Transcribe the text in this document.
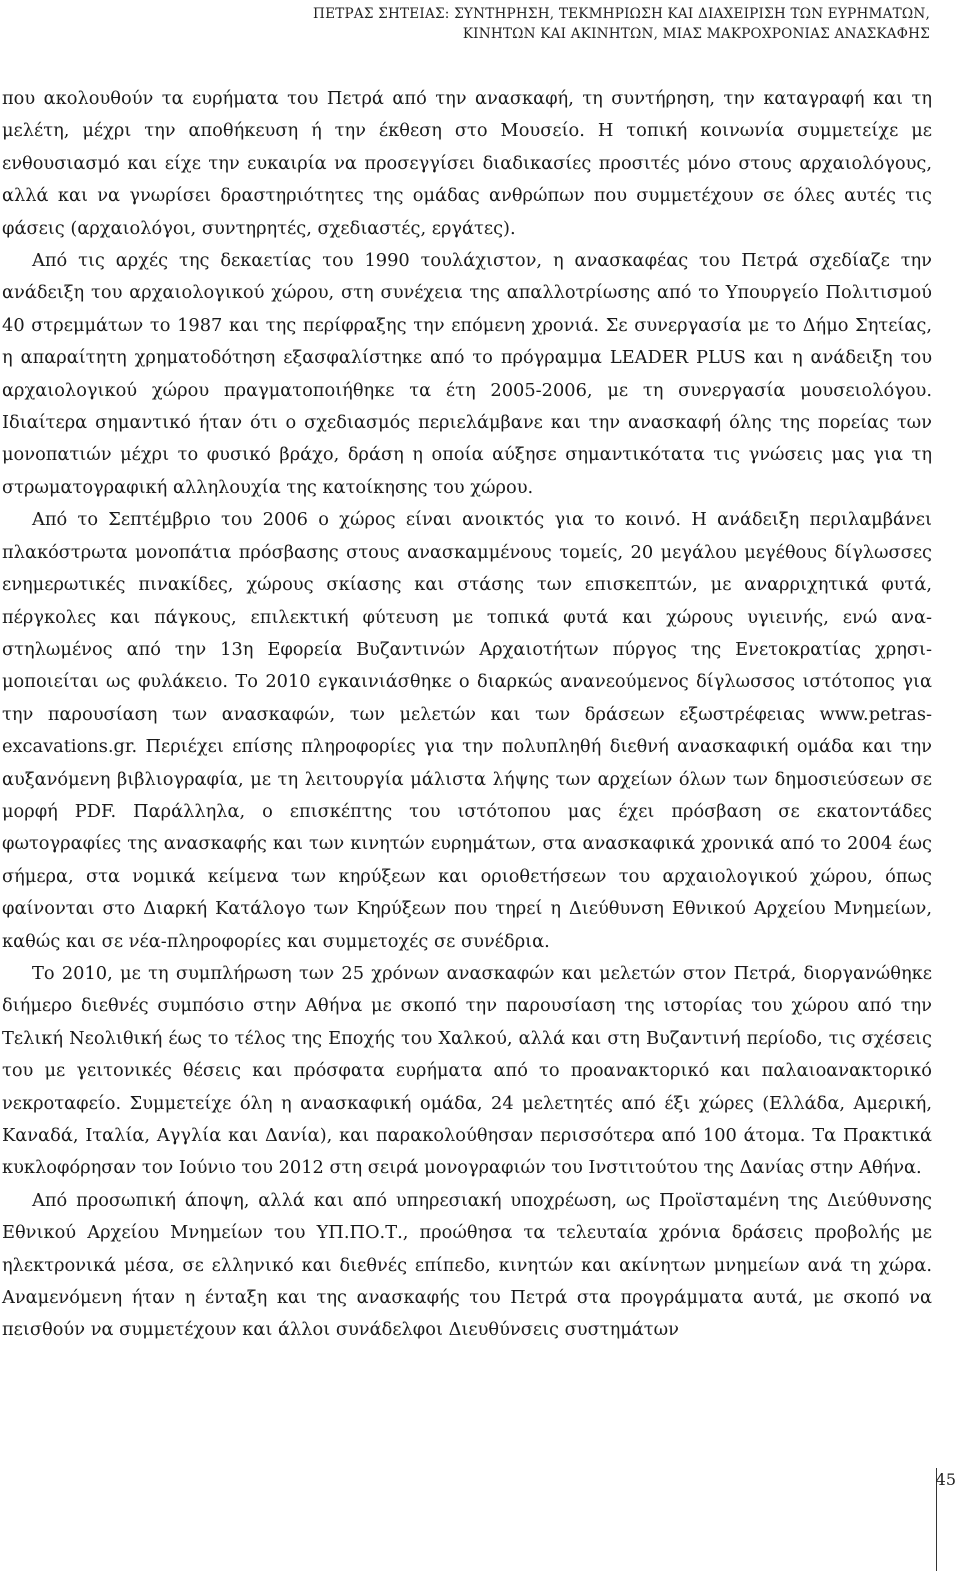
ΠΕΤΡΑΣ ΣΗΤΕΙΑΣ: ΣΥΝΤΗΡΗΣΗ, ΤΕΚΜΗΡΙΩΣΗ ΚΑΙ ΔΙΑΧΕΙΡΙΣΗ ΤΩΝ ΕΥΡΗΜΑΤΩΝ,
ΚΙΝΗΤΩΝ ΚΑΙ ΑΚΙΝΗΤΩΝ, ΜΙΑΣ ΜΑΚΡΟΧΡΟΝΙΑΣ ΑΝΑΣΚΑΦΗΣ

που ακολουθούν τα ευρήματα του Πετρά από την ανασκαφή, τη συντήρηση, την καταγραφή και τη μελέτη, μέχρι την αποθήκευση ή την έκθεση στο Μουσείο. Η τοπική κοινωνία συμμετείχε με ενθουσιασμό και είχε την ευκαιρία να προσεγγίσει διαδικασίες προσιτές μόνο στους αρχαιολόγους, αλλά και να γνωρίσει δραστηριότητες της ομάδας ανθρώπων που συμμετέχουν σε όλες αυτές τις φάσεις (αρχαιολόγοι, συντηρητές, σχεδιαστές, εργάτες).

Από τις αρχές της δεκαετίας του 1990 τουλάχιστον, η ανασκαφέας του Πετρά σχεδίαζε την ανάδειξη του αρχαιολογικού χώρου, στη συνέχεια της απαλλοτρίωσης από το Υπουργείο Πολιτισμού 40 στρεμμάτων το 1987 και της περίφραξης την επόμενη χρονιά. Σε συνεργασία με το Δήμο Σητείας, η απαραίτητη χρηματοδότηση εξασφαλίστηκε από το πρόγραμμα LEADER PLUS και η ανάδειξη του αρχαιολογικού χώρου πραγματοποιήθηκε τα έτη 2005-2006, με τη συνεργασία μουσειολόγου. Ιδιαίτερα σημαντικό ήταν ότι ο σχεδιασμός περιελάμβανε και την ανασκαφή όλης της πορείας των μονοπατιών μέχρι το φυσικό βράχο, δράση η οποία αύξησε σημαντικότατα τις γνώσεις μας για τη στρωματογραφική αλληλουχία της κατοίκησης του χώρου.

Από το Σεπτέμβριο του 2006 ο χώρος είναι ανοικτός για το κοινό. Η ανάδειξη περιλαμβάνει πλακόστρωτα μονοπάτια πρόσβασης στους ανασκαμμένους τομείς, 20 μεγάλου μεγέθους δίγλωσσες ενημερωτικές πινακίδες, χώρους σκίασης και στάσης των επισκεπτών, με αναρριχητικά φυτά, πέργκολες και πάγκους, επιλεκτική φύτευση με τοπικά φυτά και χώρους υγιεινής, ενώ αναστηλωμένος από την 13η Εφορεία Βυζαντινών Αρχαιοτήτων πύργος της Ενετοκρατίας χρησιμοποιείται ως φυλάκειο. Το 2010 εγκαινιάσθηκε ο διαρκώς ανανεούμενος δίγλωσσος ιστότοπος για την παρουσίαση των ανασκαφών, των μελετών και των δράσεων εξωστρέφειας www.petras-excavations.gr. Περιέχει επίσης πληροφορίες για την πολυπληθή διεθνή ανασκαφική ομάδα και την αυξανόμενη βιβλιογραφία, με τη λειτουργία μάλιστα λήψης των αρχείων όλων των δημοσιεύσεων σε μορφή PDF. Παράλληλα, ο επισκέπτης του ιστότοπου μας έχει πρόσβαση σε εκατοντάδες φωτογραφίες της ανασκαφής και των κινητών ευρημάτων, στα ανασκαφικά χρονικά από το 2004 έως σήμερα, στα νομικά κείμενα των κηρύξεων και οριοθετήσεων του αρχαιολογικού χώρου, όπως φαίνονται στο Διαρκή Κατάλογο των Κηρύξεων που τηρεί η Διεύθυνση Εθνικού Αρχείου Μνημείων, καθώς και σε νέα-πληροφορίες και συμμετοχές σε συνέδρια.

Το 2010, με τη συμπλήρωση των 25 χρόνων ανασκαφών και μελετών στον Πετρά, διοργανώθηκε διήμερο διεθνές συμπόσιο στην Αθήνα με σκοπό την παρουσίαση της ιστορίας του χώρου από την Τελική Νεολιθική έως το τέλος της Εποχής του Χαλκού, αλλά και στη Βυζαντινή περίοδο, τις σχέσεις του με γειτονικές θέσεις και πρόσφατα ευρήματα από το προανακτορικό και παλαιοανακτορικό νεκροταφείο. Συμμετείχε όλη η ανασκαφική ομάδα, 24 μελετητές από έξι χώρες (Ελλάδα, Αμερική, Καναδά, Ιταλία, Αγγλία και Δανία), και παρακολούθησαν περισσότερα από 100 άτομα. Τα Πρακτικά κυκλοφόρησαν τον Ιούνιο του 2012 στη σειρά μονογραφιών του Ινστιτούτου της Δανίας στην Αθήνα.

Από προσωπική άποψη, αλλά και από υπηρεσιακή υποχρέωση, ως Προϊσταμένη της Διεύθυνσης Εθνικού Αρχείου Μνημείων του ΥΠ.ΠΟ.Τ., προώθησα τα τελευταία χρόνια δράσεις προβολής με ηλεκτρονικά μέσα, σε ελληνικό και διεθνές επίπεδο, κινητών και ακίνητων μνημείων ανά τη χώρα. Αναμενόμενη ήταν η ένταξη και της ανασκαφής του Πετρά στα προγράμματα αυτά, με σκοπό να πεισθούν να συμμετέχουν και άλλοι συνάδελφοι Διευθύνσεις συστημάτων

45
